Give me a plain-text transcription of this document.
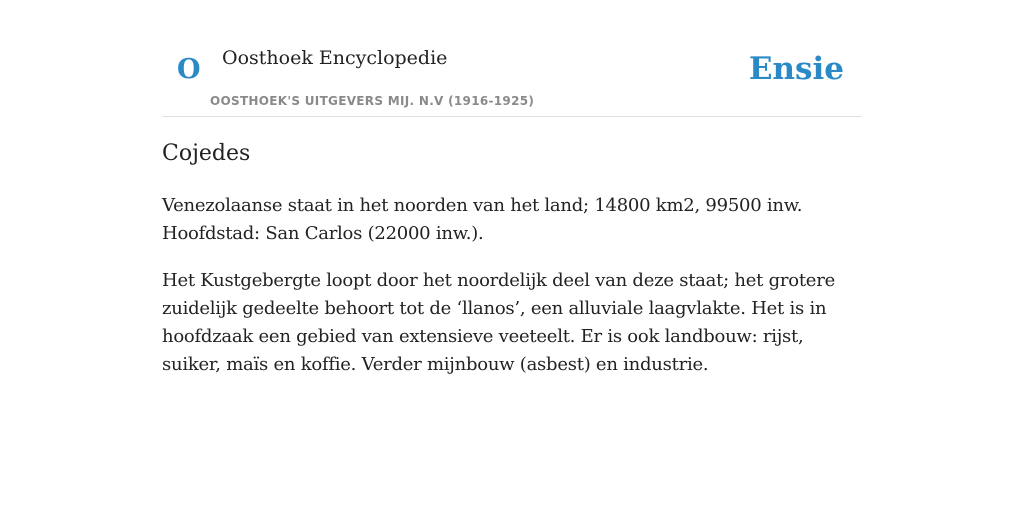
O Oosthoek Encyclopedie
OOSTHOEK'S UITGEVERS MIJ. N.V (1916-1925)
Ensie
Cojedes

Venezolaanse staat in het noorden van het land; 14800 km2, 99500 inw. Hoofdstad: San Carlos (22000 inw.).

Het Kustgebergte loopt door het noordelijk deel van deze staat; het grotere zuidelijk gedeelte behoort tot de ‘llanos’, een alluviale laagvlakte. Het is in hoofdzaak een gebied van extensieve veeteelt. Er is ook landbouw: rijst, suiker, maïs en koffie. Verder mijnbouw (asbest) en industrie.
